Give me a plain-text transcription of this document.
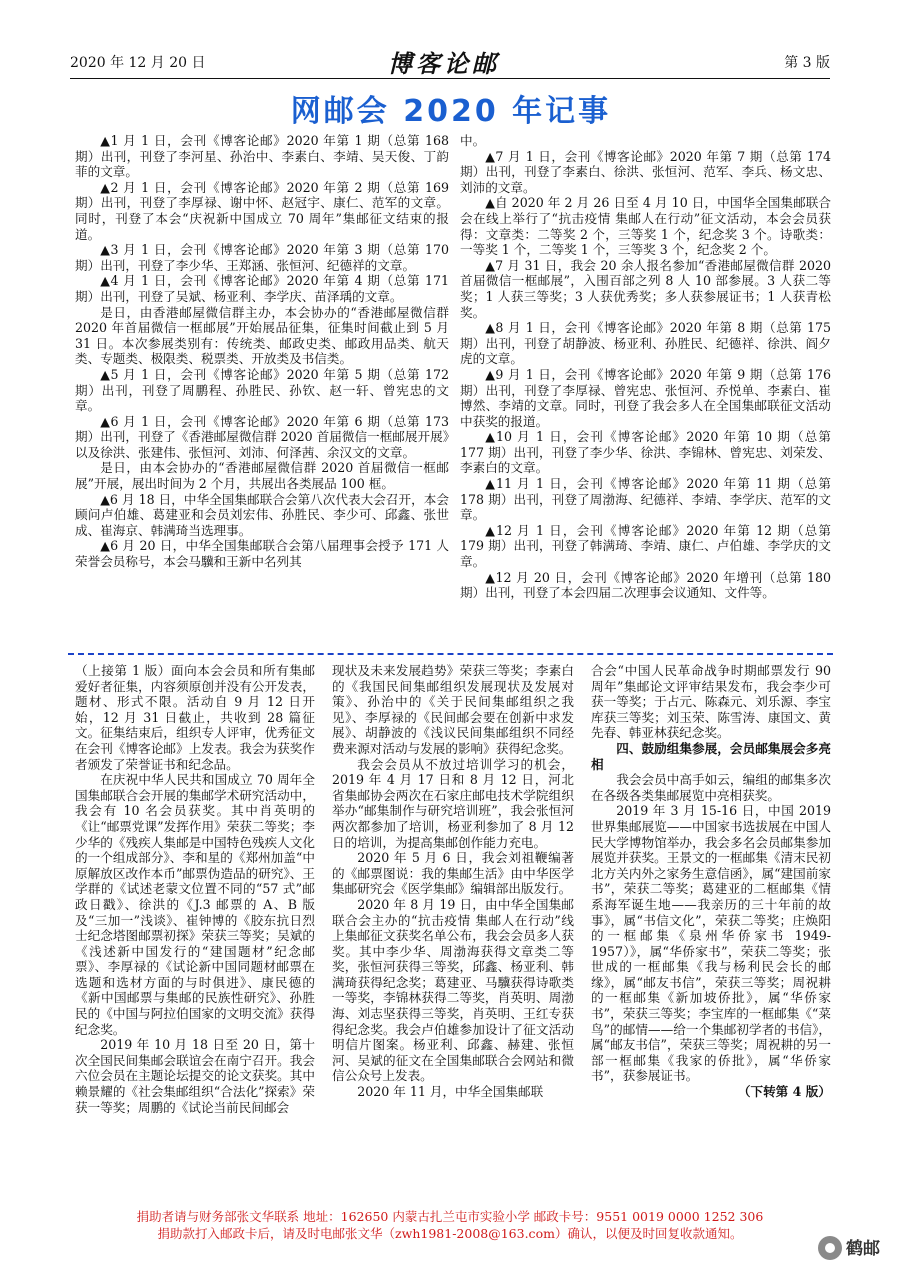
2020 年 12 月 20 日	博客论邮	第 3 版
网邮会 2020 年记事

▲1 月 1 日，会刊《博客论邮》2020 年第 1 期（总第 168 期）出刊，刊登了李河星、孙治中、李素白、李靖、吴天俊、丁韵菲的文章。

▲2 月 1 日，会刊《博客论邮》2020 年第 2 期（总第 169 期）出刊，刊登了李厚禄、谢中怀、赵冠宇、康仁、范军的文章。同时，刊登了本会“庆祝新中国成立 70 周年”集邮征文结束的报道。

▲3 月 1 日，会刊《博客论邮》2020 年第 3 期（总第 170 期）出刊，刊登了李少华、王郑涵、张恒河、纪德祥的文章。

▲4 月 1 日，会刊《博客论邮》2020 年第 4 期（总第 171 期）出刊，刊登了吴斌、杨亚利、李学庆、苗泽瑀的文章。

是日，由香港邮屋微信群主办，本会协办的“香港邮屋微信群 2020 年首届微信一框邮展”开始展品征集，征集时间截止到 5 月 31 日。本次参展类别有：传统类、邮政史类、邮政用品类、航天类、专题类、极限类、税票类、开放类及书信类。

▲5 月 1 日，会刊《博客论邮》2020 年第 5 期（总第 172 期）出刊，刊登了周鹏程、孙胜民、孙钦、赵一轩、曾宪忠的文章。

▲6 月 1 日，会刊《博客论邮》2020 年第 6 期（总第 173 期）出刊，刊登了《香港邮屋微信群 2020 首届微信一框邮展开展》以及徐洪、张建伟、张恒河、刘沛、何泽茜、余汉文的文章。

是日，由本会协办的“香港邮屋微信群 2020 首届微信一框邮展”开展，展出时间为 2 个月，共展出各类展品 100 框。

▲6 月 18 日，中华全国集邮联合会第八次代表大会召开，本会顾问卢伯雄、葛建亚和会员刘宏伟、孙胜民、李少可、邱鑫、张世成、崔海京、韩满琦当选理事。

▲6 月 20 日，中华全国集邮联合会第八届理事会授予 171 人荣誉会员称号，本会马驥和王新中名列其

中。

▲7 月 1 日，会刊《博客论邮》2020 年第 7 期（总第 174 期）出刊，刊登了李素白、徐洪、张恒河、范军、李兵、杨文忠、刘沛的文章。

▲自 2020 年 2 月 26 日至 4 月 10 日，中国华全国集邮联合会在线上举行了“抗击疫情 集邮人在行动”征文活动，本会会员获得：文章类：二等奖 2 个，三等奖 1 个，纪念奖 3 个。诗歌类：一等奖 1 个，二等奖 1 个，三等奖 3 个，纪念奖 2 个。

▲7 月 31 日，我会 20 余人报名参加“香港邮屋微信群 2020 首届微信一框邮展”，入围百部之列 8 人 10 部参展。3 人获二等奖；1 人获三等奖；3 人获优秀奖；多人获参展证书；1 人获青松奖。

▲8 月 1 日，会刊《博客论邮》2020 年第 8 期（总第 175 期）出刊，刊登了胡静波、杨亚利、孙胜民、纪德祥、徐洪、阎夕虎的文章。

▲9 月 1 日，会刊《博客论邮》2020 年第 9 期（总第 176 期）出刊，刊登了李厚禄、曾宪忠、张恒河、乔悦单、李素白、崔博然、李靖的文章。同时，刊登了我会多人在全国集邮联征文活动中获奖的报道。

▲10 月 1 日，会刊《博客论邮》2020 年第 10 期（总第 177 期）出刊，刊登了李少华、徐洪、李锦林、曾宪忠、刘荣发、李素白的文章。

▲11 月 1 日，会刊《博客论邮》2020 年第 11 期（总第 178 期）出刊，刊登了周渤海、纪德祥、李靖、李学庆、范军的文章。

▲12 月 1 日，会刊《博客论邮》2020 年第 12 期（总第 179 期）出刊，刊登了韩满琦、李靖、康仁、卢伯雄、李学庆的文章。

▲12 月 20 日，会刊《博客论邮》2020 年增刊（总第 180 期）出刊，刊登了本会四届二次理事会议通知、文件等。

（上接第 1 版）面向本会会员和所有集邮爱好者征集，内容须原创并没有公开发表，题材、形式不限。活动自 9 月 12 日开始，12 月 31 日截止，共收到 28 篇征文。征集结束后，组织专人评审，优秀征文在会刊《博客论邮》上发表。我会为获奖作者颁发了荣誉证书和纪念品。

在庆祝中华人民共和国成立 70 周年全国集邮联合会开展的集邮学术研究活动中，我会有 10 名会员获奖。其中肖英明的《让“邮票党课”发挥作用》荣获二等奖；李少华的《残疾人集邮是中国特色残疾人文化的一个组成部分》、李和星的《郑州加盖“中原解放区改作本币”邮票伪造品的研究》、王学群的《试述老蒙文位置不同的“57 式”邮政日戳》、徐洪的《J.3 邮票的 A、B 版及“三加一”浅谈》、崔钟博的《胶东抗日烈士纪念塔图邮票初探》荣获三等奖；吴斌的《浅述新中国发行的“建国题材”纪念邮票》、李厚禄的《试论新中国同题材邮票在选题和选材方面的与时俱进》、康民德的《新中国邮票与集邮的民族性研究》、孙胜民的《中国与阿拉伯国家的文明交流》获得纪念奖。

2019 年 10 月 18 日至 20 日，第十次全国民间集邮会联谊会在南宁召开。我会六位会员在主题论坛提交的论文获奖。其中赖景耀的《社会集邮组织“合法化”探索》荣获一等奖；周鹏的《试论当前民间邮会

现状及未来发展趋势》荣获三等奖；李素白的《我国民间集邮组织发展现状及发展对策》、孙治中的《关于民间集邮组织之我见》、李厚禄的《民间邮会要在创新中求发展》、胡静波的《浅议民间集邮组织不同经费来源对活动与发展的影响》获得纪念奖。

我会会员从不放过培训学习的机会，2019 年 4 月 17 日和 8 月 12 日，河北省集邮协会两次在石家庄邮电技术学院组织举办“邮集制作与研究培训班”，我会张恒河两次都参加了培训，杨亚利参加了 8 月 12 日的培训，为提高集邮创作能力充电。

2020 年 5 月 6 日，我会刘祖鞭编著的《邮票图说：我的集邮生活》由中华医学集邮研究会《医学集邮》编辑部出版发行。

2020 年 8 月 19 日，由中华全国集邮联合会主办的“抗击疫情 集邮人在行动”线上集邮征文获奖名单公布，我会会员多人获奖。其中李少华、周渤海获得文章类二等奖，张恒河获得三等奖，邱鑫、杨亚利、韩满琦获得纪念奖；葛建亚、马驥获得诗歌类一等奖，李锦林获得二等奖，肖英明、周渤海、刘志坚获得三等奖，肖英明、王红专获得纪念奖。我会卢伯雄参加设计了征文活动明信片图案。杨亚利、邱鑫、赫建、张恒河、吴斌的征文在全国集邮联合会网站和微信公众号上发表。

2020 年 11 月，中华全国集邮联

合会“中国人民革命战争时期邮票发行 90 周年”集邮论文评审结果发布，我会李少可获一等奖；于占元、陈森元、刘乐源、李宝库获三等奖；刘玉荣、陈雪涛、康国文、黄先春、韩亚林获纪念奖。

四、鼓励组集参展，会员邮集展会多亮相

我会会员中高手如云，编组的邮集多次在各级各类集邮展览中亮相获奖。

2019 年 3 月 15-16 日，中国 2019 世界集邮展览——中国家书选拔展在中国人民大学博物馆举办，我会多名会员邮集参加展览并获奖。王景文的一框邮集《清末民初北方关内外之家务生意信函》，属“建国前家书”，荣获二等奖；葛建亚的二框邮集《情系海军诞生地——我亲历的三十年前的故事》，属“书信文化”，荣获二等奖；庄焕阳的一框邮集《泉州华侨家书 1949-1957）》，属“华侨家书”，荣获二等奖；张世成的一框邮集《我与杨利民会长的邮缘》，属“邮友书信”，荣获三等奖；周祝耕的一框邮集《新加坡侨批》，属“华侨家书”，荣获三等奖；李宝库的一框邮集《“菜鸟”的邮情——给一个集邮初学者的书信》，属“邮友书信”，荣获三等奖；周祝耕的另一部一框邮集《我家的侨批》，属“华侨家书”，获参展证书。

（下转第 4 版）

捐助者请与财务部张文华联系 地址：162650 内蒙古扎兰屯市实验小学 邮政卡号：9551 0019 0000 1252 306
捐助款打入邮政卡后，请及时电邮张文华（zwh1981-2008@163.com）确认，以便及时回复收款通知。
鹤邮
